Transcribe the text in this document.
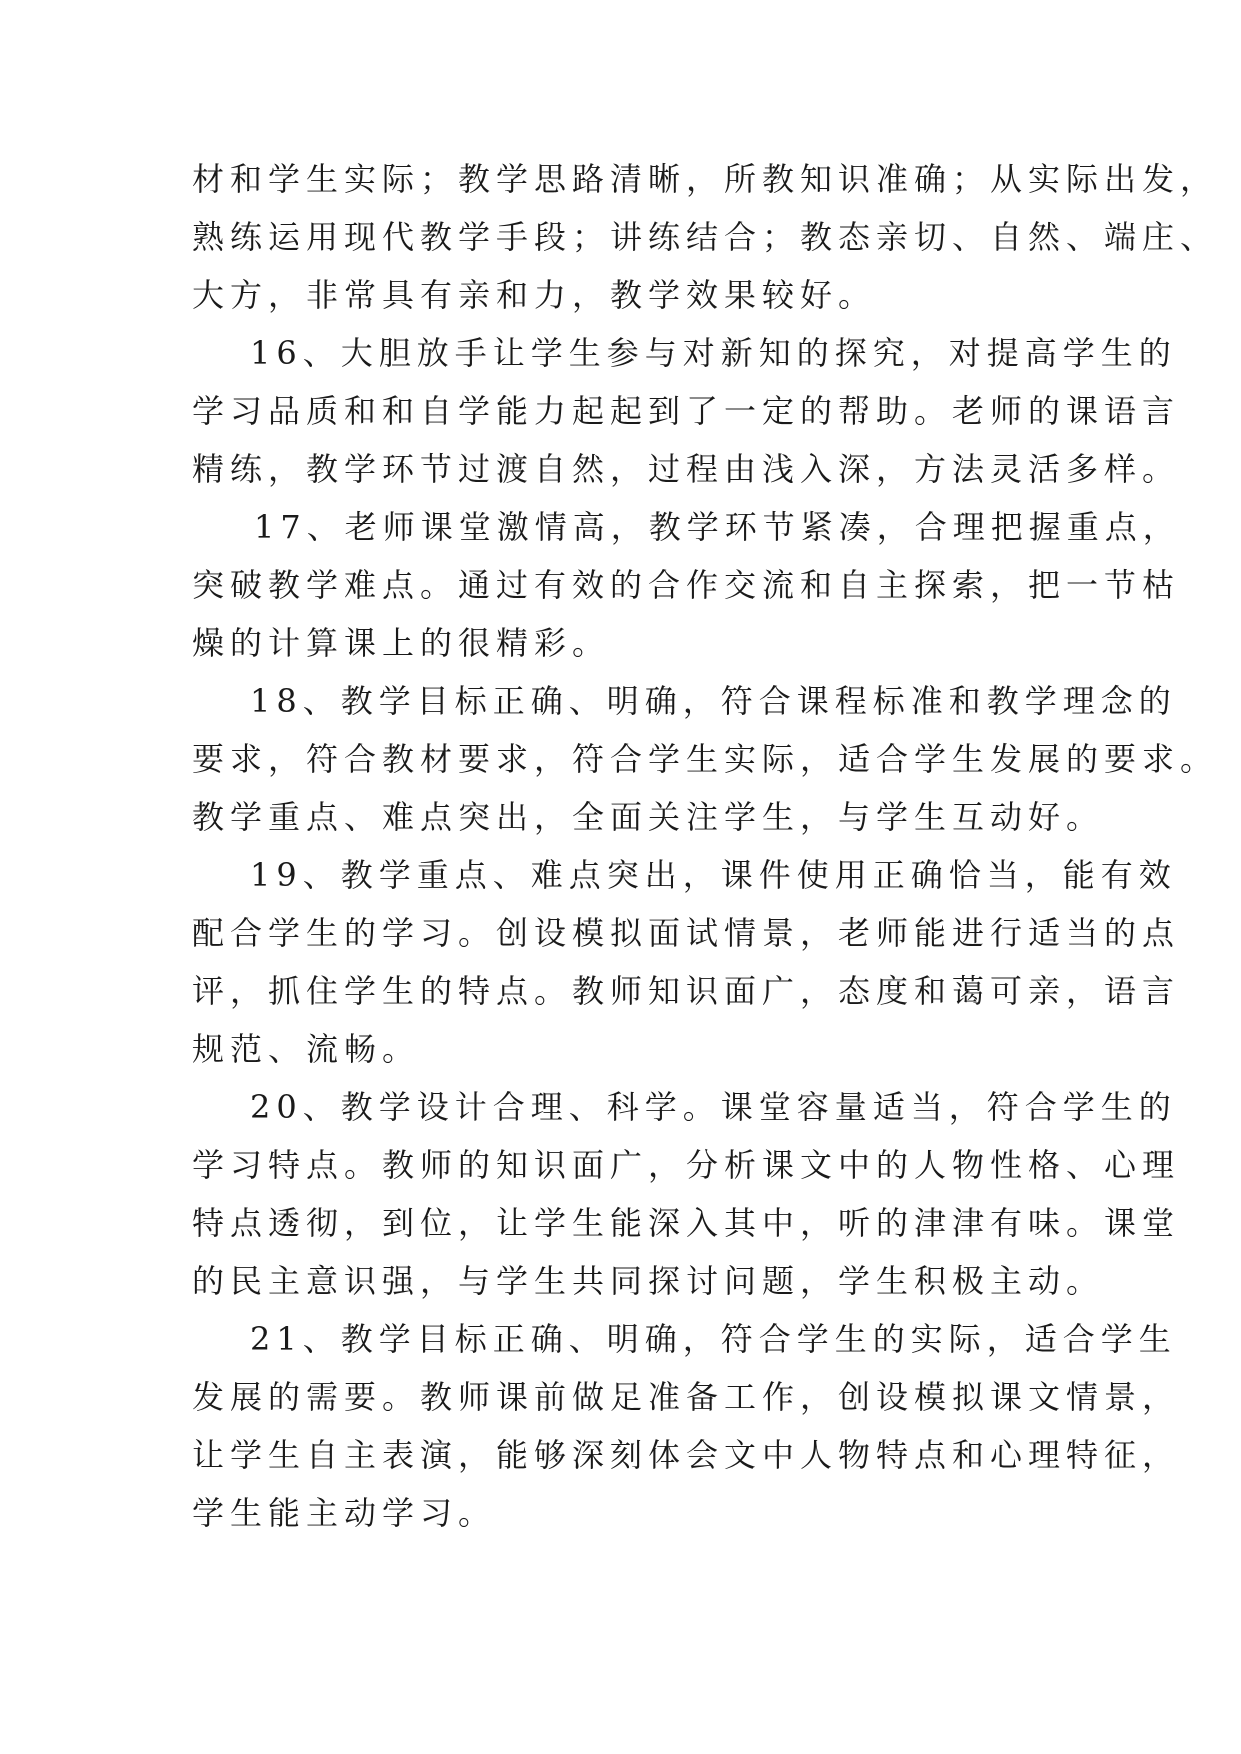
材和学生实际；教学思路清晰，所教知识准确；从实际出发，
熟练运用现代教学手段；讲练结合；教态亲切、自然、端庄、
大方，非常具有亲和力，教学效果较好。
16、大胆放手让学生参与对新知的探究，对提高学生的
学习品质和和自学能力起起到了一定的帮助。老师的课语言
精练，教学环节过渡自然，过程由浅入深，方法灵活多样。
17、老师课堂激情高，教学环节紧凑，合理把握重点，
突破教学难点。通过有效的合作交流和自主探索，把一节枯
燥的计算课上的很精彩。
18、教学目标正确、明确，符合课程标准和教学理念的
要求，符合教材要求，符合学生实际，适合学生发展的要求。
教学重点、难点突出，全面关注学生，与学生互动好。
19、教学重点、难点突出，课件使用正确恰当，能有效
配合学生的学习。创设模拟面试情景，老师能进行适当的点
评，抓住学生的特点。教师知识面广，态度和蔼可亲，语言
规范、流畅。
20、教学设计合理、科学。课堂容量适当，符合学生的
学习特点。教师的知识面广，分析课文中的人物性格、心理
特点透彻，到位，让学生能深入其中，听的津津有味。课堂
的民主意识强，与学生共同探讨问题，学生积极主动。
21、教学目标正确、明确，符合学生的实际，适合学生
发展的需要。教师课前做足准备工作，创设模拟课文情景，
让学生自主表演，能够深刻体会文中人物特点和心理特征，
学生能主动学习。
